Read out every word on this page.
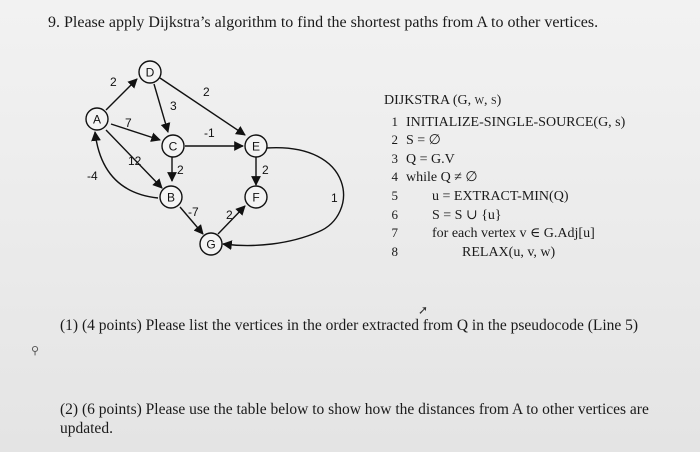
9. Please apply Dijkstra’s algorithm to find the shortest paths from A to other vertices.
2
7
12
-4
2
3
-1
2	2
-7 2
1
A
D
C	E
B	F
G
DIJKSTRA (G, w, s)
1 INITIALIZE-SINGLE-SOURCE(G, s)
2 S = ∅
3 Q = G.V
4 while Q ≠ ∅
5	u = EXTRACT-MIN(Q)
6	S = S ∪ {u}
7	for each vertex v ∈ G.Adj[u]
8	RELAX(u, v, w)
➚
⚲
(1) (4 points) Please list the vertices in the order extracted from Q in the pseudocode (Line 5)
(2) (6 points) Please use the table below to show how the distances from A to other vertices are updated.
